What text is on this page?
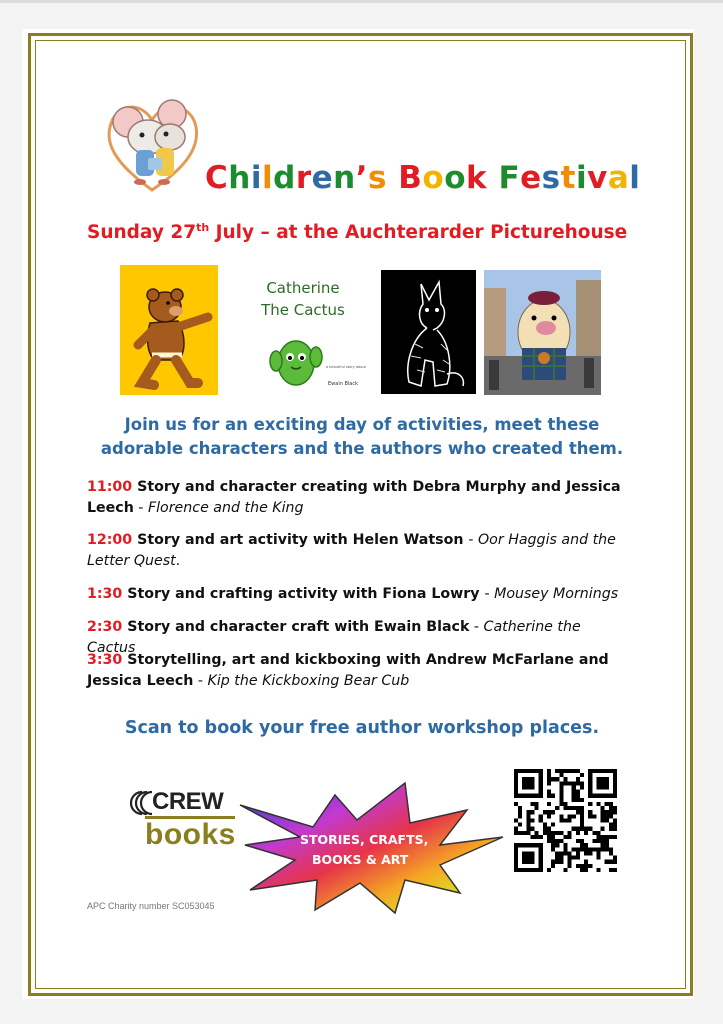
Children’s Book Festival
Sunday 27th July – at the Auchterarder Picturehouse
Catherine
The Cactus
a beautiful story about
Ewain Black
Join us for an exciting day of activities, meet these adorable characters and the authors who created them.
11:00 Story and character creating with Debra Murphy and Jessica Leech - Florence and the King
12:00 Story and art activity with Helen Watson - Oor Haggis and the Letter Quest.
1:30 Story and crafting activity with Fiona Lowry - Mousey Mornings
2:30 Story and character craft with Ewain Black - Catherine the Cactus
3:30 Storytelling, art and kickboxing with Andrew McFarlane and Jessica Leech - Kip the Kickboxing Bear Cub
Scan to book your free author workshop places.
CREW
books	STORIES, CRAFTS,
BOOKS & ART
APC Charity number SC053045
